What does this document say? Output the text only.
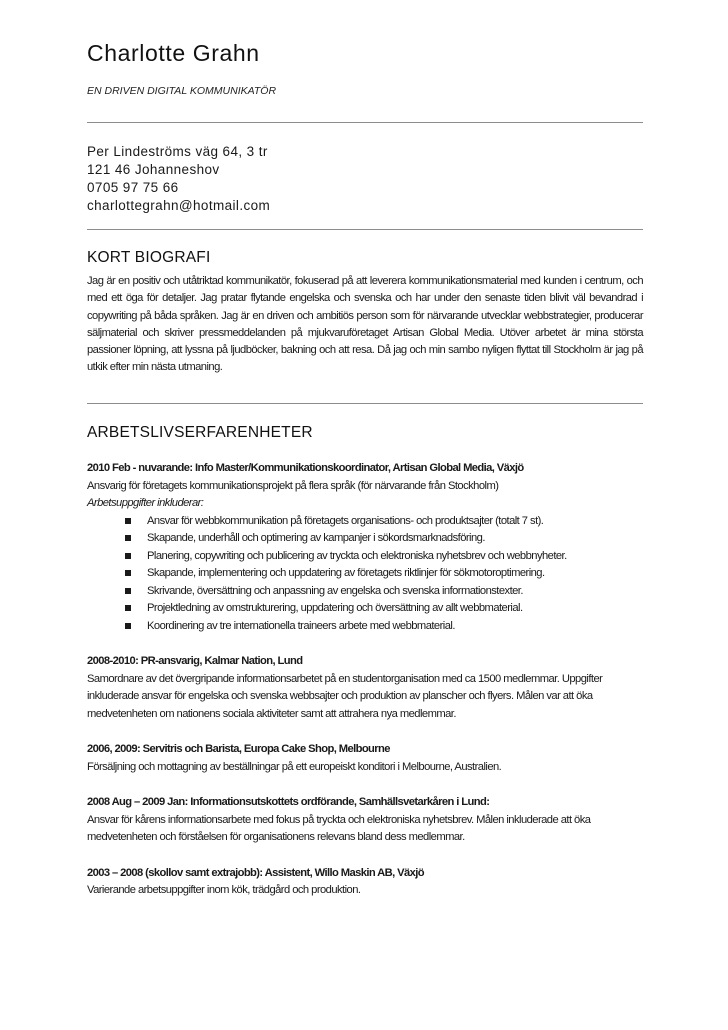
Charlotte Grahn
EN DRIVEN DIGITAL KOMMUNIKATÖR
Per Lindeströms väg 64, 3 tr
121 46 Johanneshov
0705 97 75 66
charlottegrahn@hotmail.com
KORT BIOGRAFI
Jag är en positiv och utåtriktad kommunikatör, fokuserad på att leverera kommunikationsmaterial med kunden i centrum, och med ett öga för detaljer. Jag pratar flytande engelska och svenska och har under den senaste tiden blivit väl bevandrad i copywriting på båda språken. Jag är en driven och ambitiös person som för närvarande utvecklar webbstrategier, producerar säljmaterial och skriver pressmeddelanden på mjukvaruföretaget Artisan Global Media. Utöver arbetet är mina största passioner löpning, att lyssna på ljudböcker, bakning och att resa. Då jag och min sambo nyligen flyttat till Stockholm är jag på utkik efter min nästa utmaning.
ARBETSLIVSERFARENHETER
2010 Feb - nuvarande: Info Master/Kommunikationskoordinator, Artisan Global Media, Växjö
Ansvarig för företagets kommunikationsprojekt på flera språk (för närvarande från Stockholm)
Arbetsuppgifter inkluderar:
Ansvar för webbkommunikation på företagets organisations- och produktsajter (totalt 7 st).
Skapande, underhåll och optimering av kampanjer i sökordsmarknadsföring.
Planering, copywriting och publicering av tryckta och elektroniska nyhetsbrev och webbnyheter.
Skapande, implementering och uppdatering av företagets riktlinjer för sökmotoroptimering.
Skrivande, översättning och anpassning av engelska och svenska informationstexter.
Projektledning av omstrukturering, uppdatering och översättning av allt webbmaterial.
Koordinering av tre internationella traineers arbete med webbmaterial.
2008-2010: PR-ansvarig, Kalmar Nation, Lund
Samordnare av det övergripande informationsarbetet på en studentorganisation med ca 1500 medlemmar. Uppgifter
inkluderade ansvar för engelska och svenska webbsajter och produktion av planscher och flyers. Målen var att öka
medvetenheten om nationens sociala aktiviteter samt att attrahera nya medlemmar.
2006, 2009: Servitris och Barista, Europa Cake Shop, Melbourne
Försäljning och mottagning av beställningar på ett europeiskt konditori i Melbourne, Australien.
2008 Aug – 2009 Jan: Informationsutskottets ordförande, Samhällsvetarkåren i Lund:
Ansvar för kårens informationsarbete med fokus på tryckta och elektroniska nyhetsbrev. Målen inkluderade att öka
medvetenheten och förståelsen för organisationens relevans bland dess medlemmar.
2003 – 2008 (skollov samt extrajobb): Assistent, Willo Maskin AB, Växjö
Varierande arbetsuppgifter inom kök, trädgård och produktion.
